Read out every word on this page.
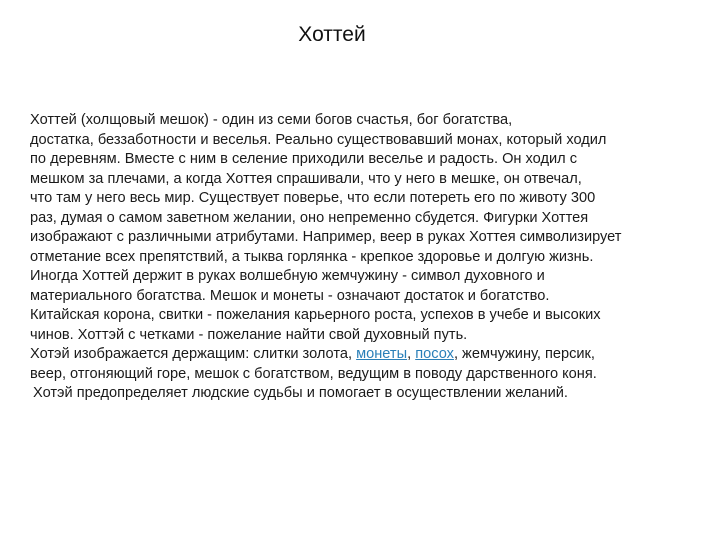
Хоттей
Хоттей (холщовый мешок) - один из семи богов счастья, бог богатства,
достатка, беззаботности и веселья. Реально существовавший монах, который ходил
по деревням. Вместе с ним в селение приходили веселье и радость. Он ходил с
мешком за плечами, а когда Хоттея спрашивали, что у него в мешке, он отвечал,
что там у него весь мир. Существует поверье, что если потереть его по животу 300
раз, думая о самом заветном желании, оно непременно сбудется. Фигурки Хоттея
изображают с различными атрибутами. Например, веер в руках Хоттея символизирует
отметание всех препятствий, а тыква горлянка - крепкое здоровье и долгую жизнь.
Иногда Хоттей держит в руках волшебную жемчужину - символ духовного и
материального богатства. Мешок и монеты - означают достаток и богатство.
Китайская корона, свитки - пожелания карьерного роста, успехов в учебе и высоких
чинов. Хоттэй с четками - пожелание найти свой духовный путь.
Хотэй изображается держащим: слитки золота, монеты, посох, жемчужину, персик,
веер, отгоняющий горе, мешок с богатством, ведущим в поводу дарственного коня.
Хотэй предопределяет людские судьбы и помогает в осуществлении желаний.
